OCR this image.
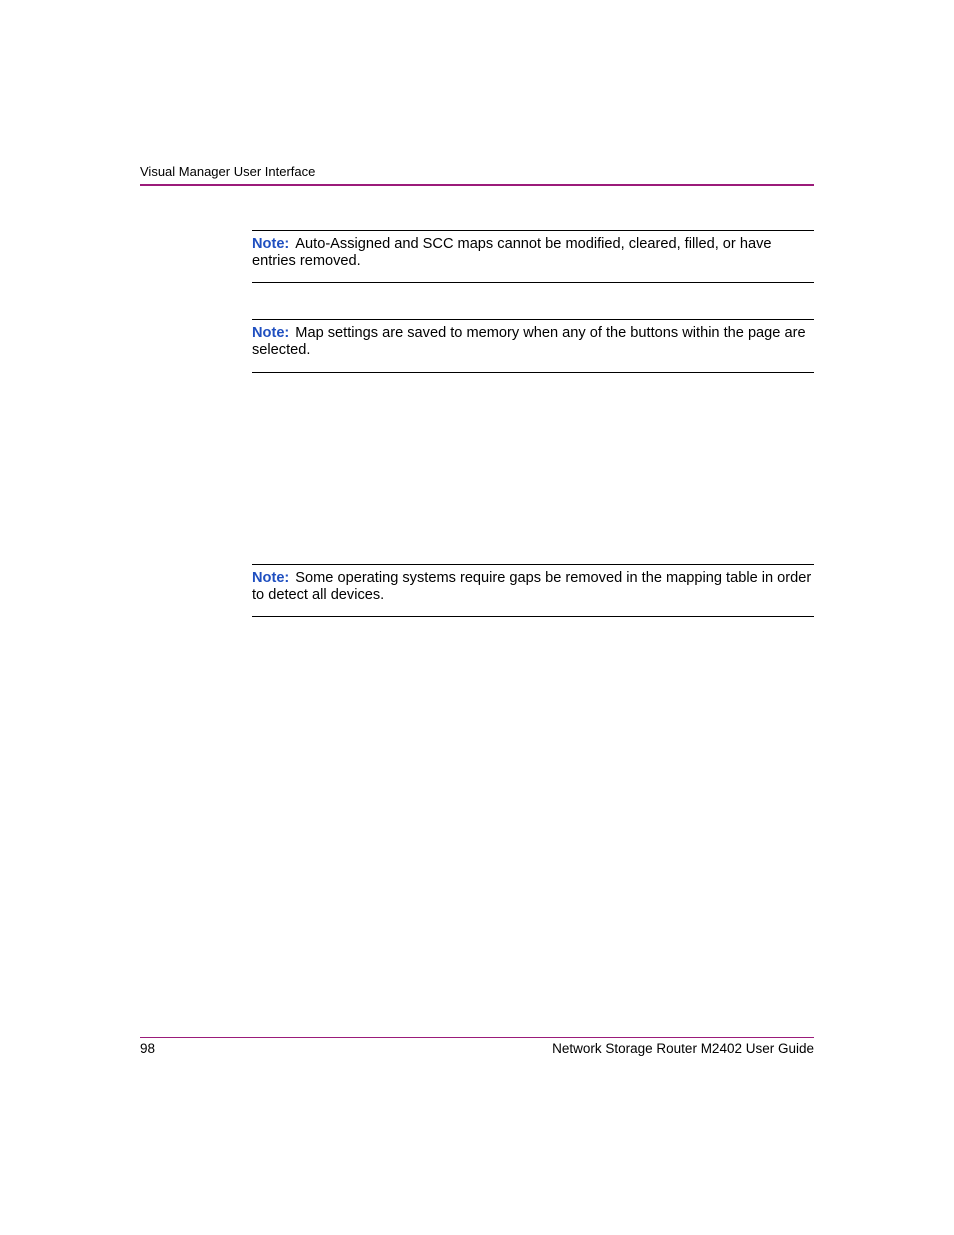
Visual Manager User Interface
Note: Auto-Assigned and SCC maps cannot be modified, cleared, filled, or have entries removed.
Note: Map settings are saved to memory when any of the buttons within the page are selected.
Note: Some operating systems require gaps be removed in the mapping table in order to detect all devices.
98	Network Storage Router M2402 User Guide
